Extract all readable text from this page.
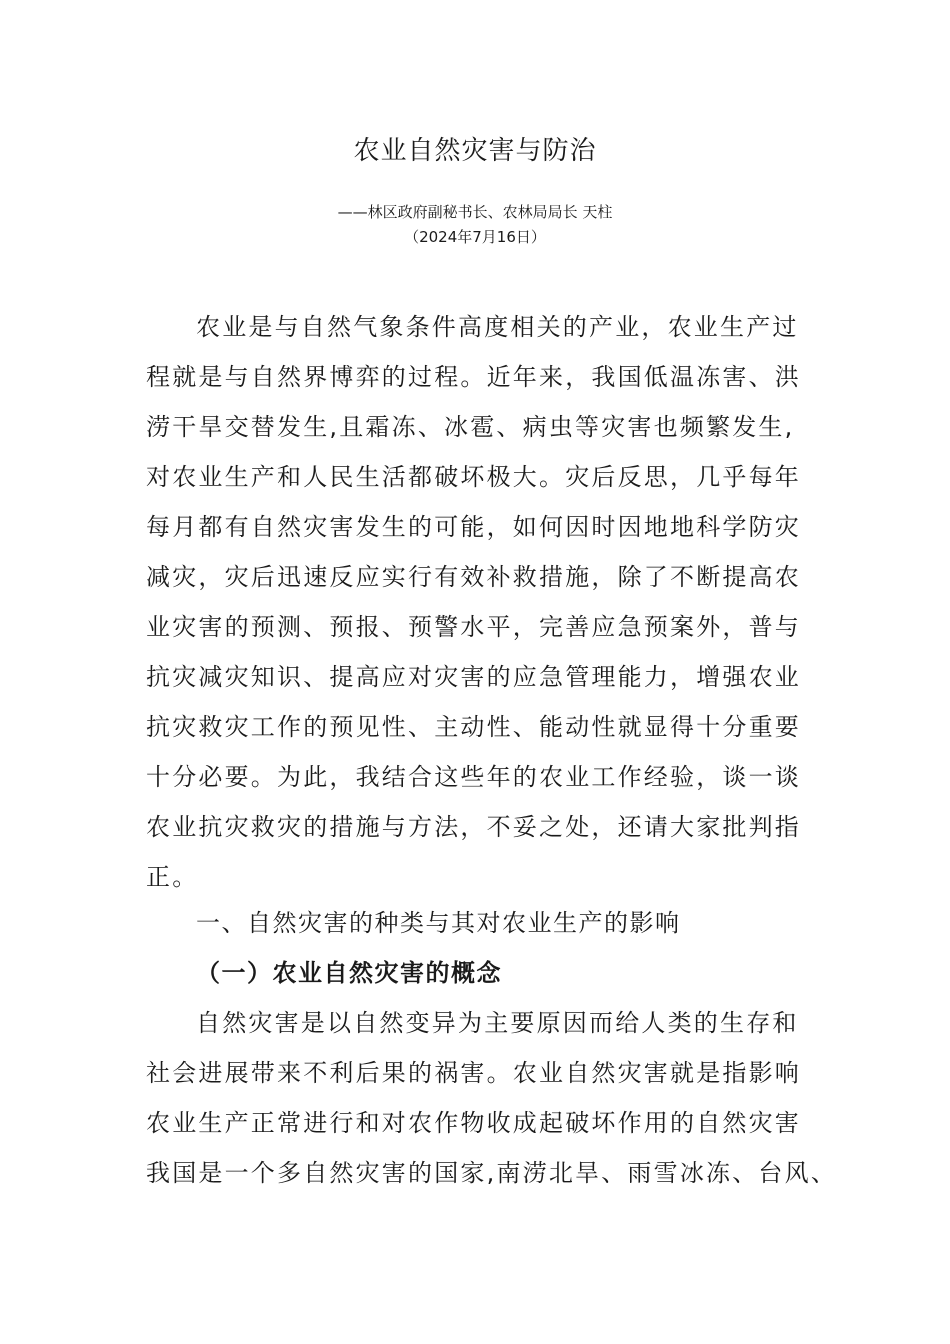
农业自然灾害与防治
——林区政府副秘书长、农林局局长 天柱
（2024年7月16日）
农业是与自然气象条件高度相关的产业，农业生产过
程就是与自然界博弈的过程。近年来，我国低温冻害、洪
涝干旱交替发生,且霜冻、冰雹、病虫等灾害也频繁发生,
对农业生产和人民生活都破坏极大。灾后反思，几乎每年
每月都有自然灾害发生的可能，如何因时因地地科学防灾
减灾，灾后迅速反应实行有效补救措施，除了不断提高农
业灾害的预测、预报、预警水平，完善应急预案外，普与
抗灾减灾知识、提高应对灾害的应急管理能力，增强农业
抗灾救灾工作的预见性、主动性、能动性就显得十分重要
十分必要。为此，我结合这些年的农业工作经验，谈一谈
农业抗灾救灾的措施与方法，不妥之处，还请大家批判指
正。
一、自然灾害的种类与其对农业生产的影响
（一）农业自然灾害的概念
自然灾害是以自然变异为主要原因而给人类的生存和
社会进展带来不利后果的祸害。农业自然灾害就是指影响
农业生产正常进行和对农作物收成起破坏作用的自然灾害
我国是一个多自然灾害的国家,南涝北旱、雨雪冰冻、台风、
